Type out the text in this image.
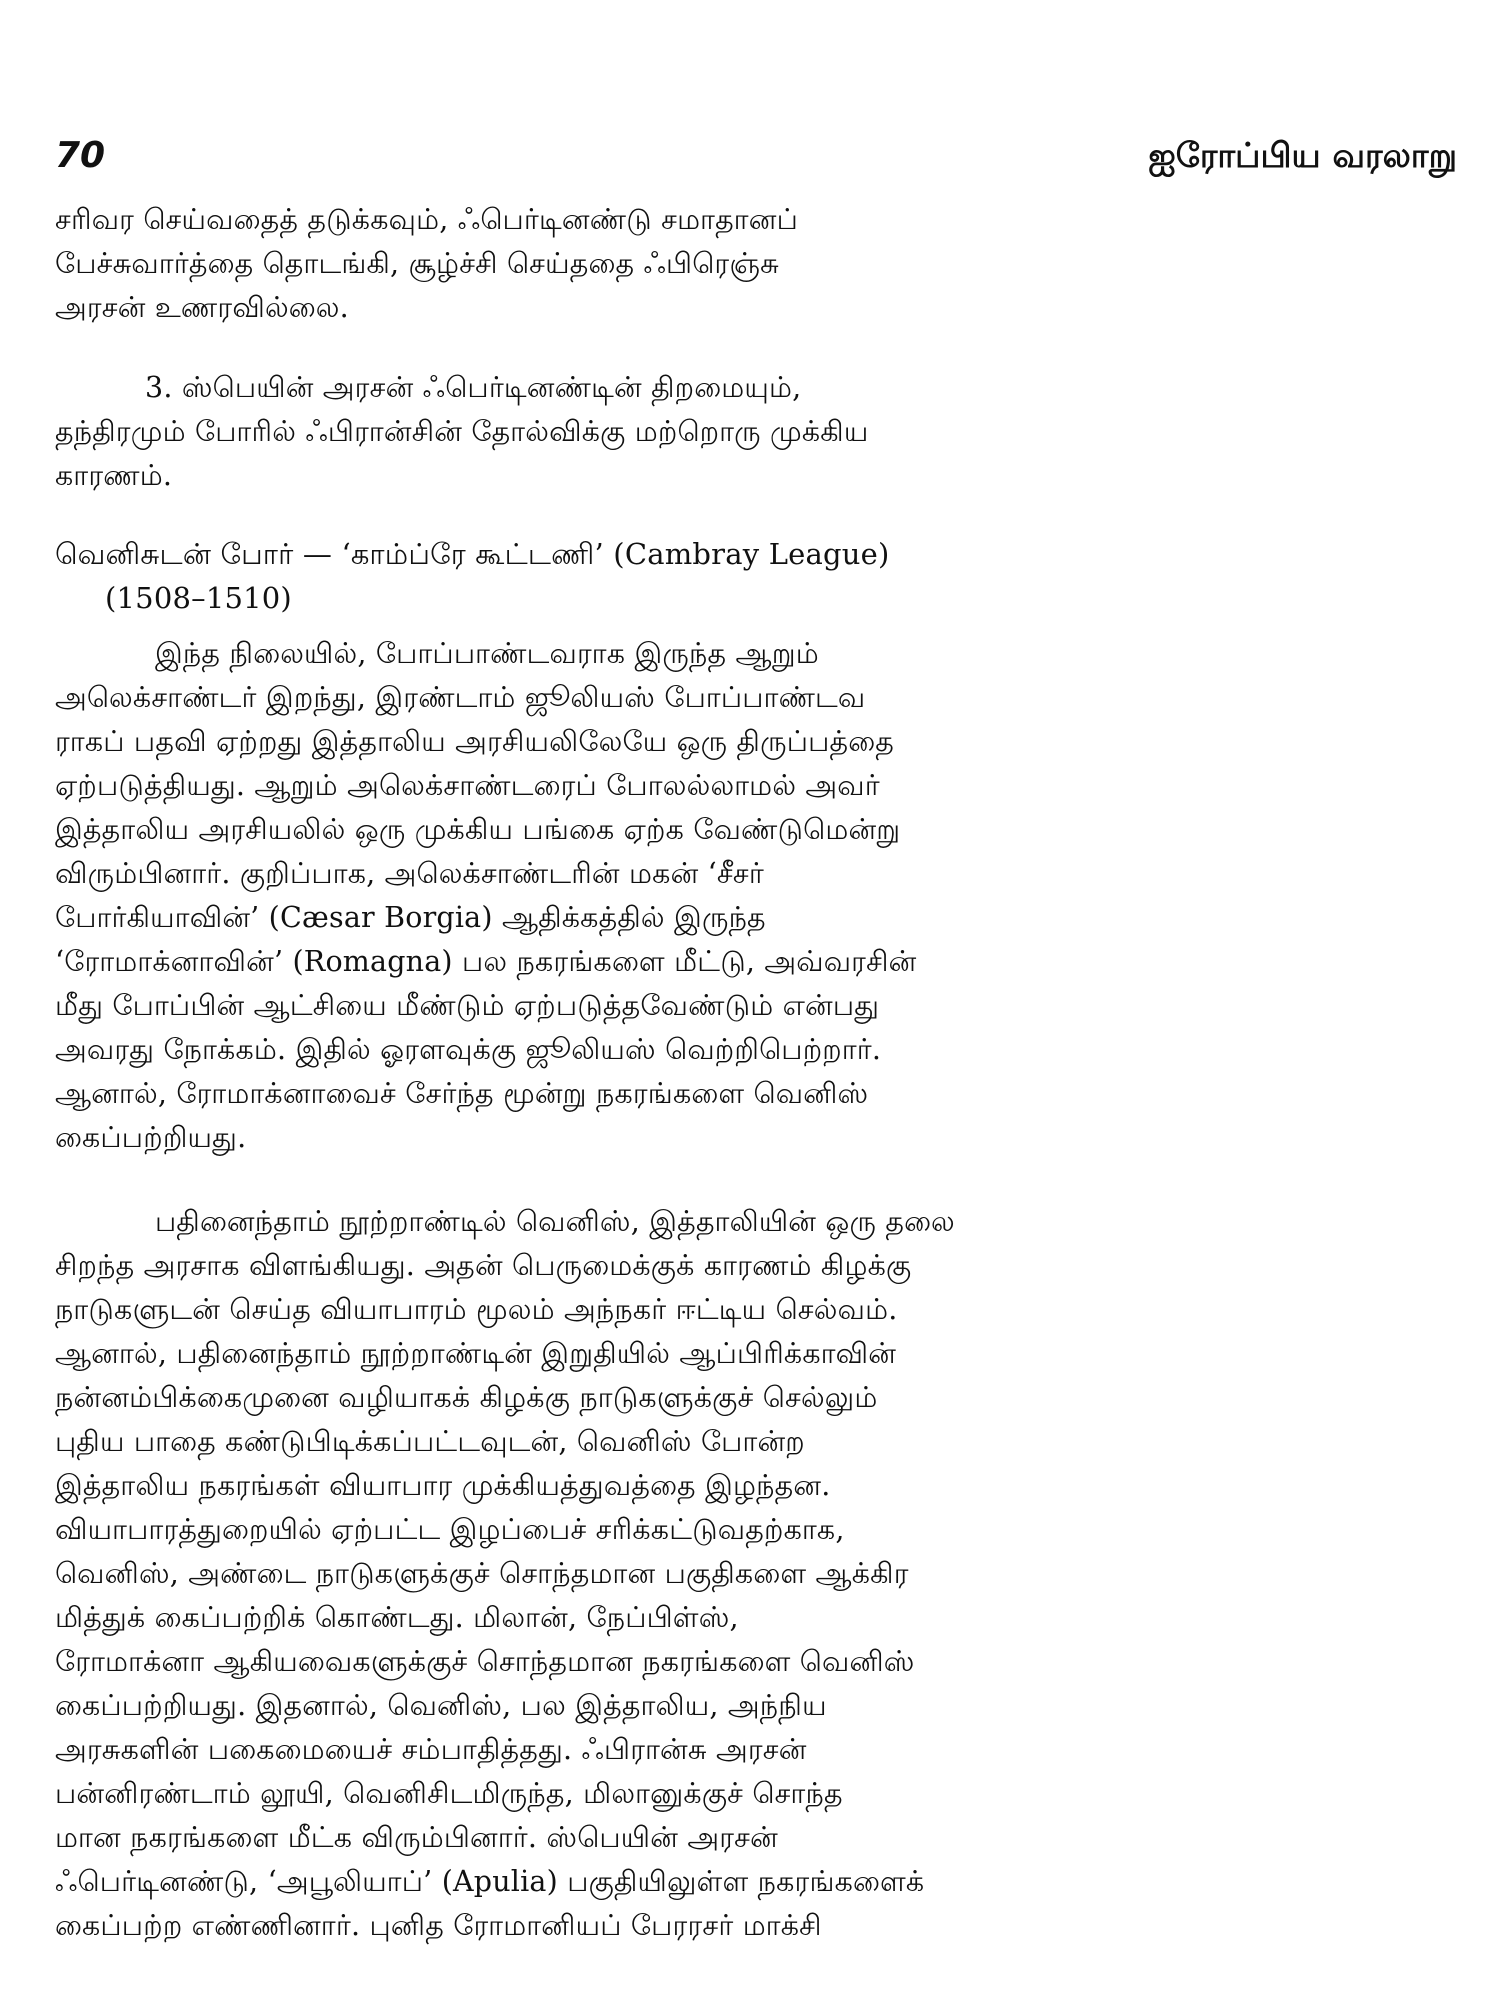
70	ஐரோப்பிய வரலாறு
சரிவர செய்வதைத் தடுக்கவும், ஃபெர்டினண்டு சமாதானப்
பேச்சுவார்த்தை தொடங்கி, சூழ்ச்சி செய்ததை ஃபிரெஞ்சு
அரசன் உணரவில்லை.
3. ஸ்பெயின் அரசன் ஃபெர்டினண்டின் திறமையும்,
தந்திரமும் போரில் ஃபிரான்சின் தோல்விக்கு மற்றொரு முக்கிய
காரணம்.
வெனிசுடன் போர் — ‘காம்ப்ரே கூட்டணி’ (Cambray League)
(1508–1510)
இந்த நிலையில், போப்பாண்டவராக இருந்த ஆறும்
அலெக்சாண்டர் இறந்து, இரண்டாம் ஜூலியஸ் போப்பாண்டவ
ராகப் பதவி ஏற்றது இத்தாலிய அரசியலிலேயே ஒரு திருப்பத்தை
ஏற்படுத்தியது. ஆறும் அலெக்சாண்டரைப் போலல்லாமல் அவர்
இத்தாலிய அரசியலில் ஒரு முக்கிய பங்கை ஏற்க வேண்டுமென்று
விரும்பினார். குறிப்பாக, அலெக்சாண்டரின் மகன் ‘சீசர்
போர்கியாவின்’ (Cæsar Borgia) ஆதிக்கத்தில் இருந்த
‘ரோமாக்னாவின்’ (Romagna) பல நகரங்களை மீட்டு, அவ்வரசின்
மீது போப்பின் ஆட்சியை மீண்டும் ஏற்படுத்தவேண்டும் என்பது
அவரது நோக்கம். இதில் ஓரளவுக்கு ஜூலியஸ் வெற்றிபெற்றார்.
ஆனால், ரோமாக்னாவைச் சேர்ந்த மூன்று நகரங்களை வெனிஸ்
கைப்பற்றியது.
பதினைந்தாம் நூற்றாண்டில் வெனிஸ், இத்தாலியின் ஒரு தலை
சிறந்த அரசாக விளங்கியது. அதன் பெருமைக்குக் காரணம் கிழக்கு
நாடுகளுடன் செய்த வியாபாரம் மூலம் அந்நகர் ஈட்டிய செல்வம்.
ஆனால், பதினைந்தாம் நூற்றாண்டின் இறுதியில் ஆப்பிரிக்காவின்
நன்னம்பிக்கைமுனை வழியாகக் கிழக்கு நாடுகளுக்குச் செல்லும்
புதிய பாதை கண்டுபிடிக்கப்பட்டவுடன், வெனிஸ் போன்ற
இத்தாலிய நகரங்கள் வியாபார முக்கியத்துவத்தை இழந்தன.
வியாபாரத்துறையில் ஏற்பட்ட இழப்பைச் சரிக்கட்டுவதற்காக,
வெனிஸ், அண்டை நாடுகளுக்குச் சொந்தமான பகுதிகளை ஆக்கிர
மித்துக் கைப்பற்றிக் கொண்டது. மிலான், நேப்பிள்ஸ்,
ரோமாக்னா ஆகியவைகளுக்குச் சொந்தமான நகரங்களை வெனிஸ்
கைப்பற்றியது. இதனால், வெனிஸ், பல இத்தாலிய, அந்நிய
அரசுகளின் பகைமையைச் சம்பாதித்தது. ஃபிரான்சு அரசன்
பன்னிரண்டாம் லூயி, வெனிசிடமிருந்த, மிலானுக்குச் சொந்த
மான நகரங்களை மீட்க விரும்பினார். ஸ்பெயின் அரசன்
ஃபெர்டினண்டு, ‘அபூலியாப்’ (Apulia) பகுதியிலுள்ள நகரங்களைக்
கைப்பற்ற எண்ணினார். புனித ரோமானியப் பேரரசர் மாக்சி
